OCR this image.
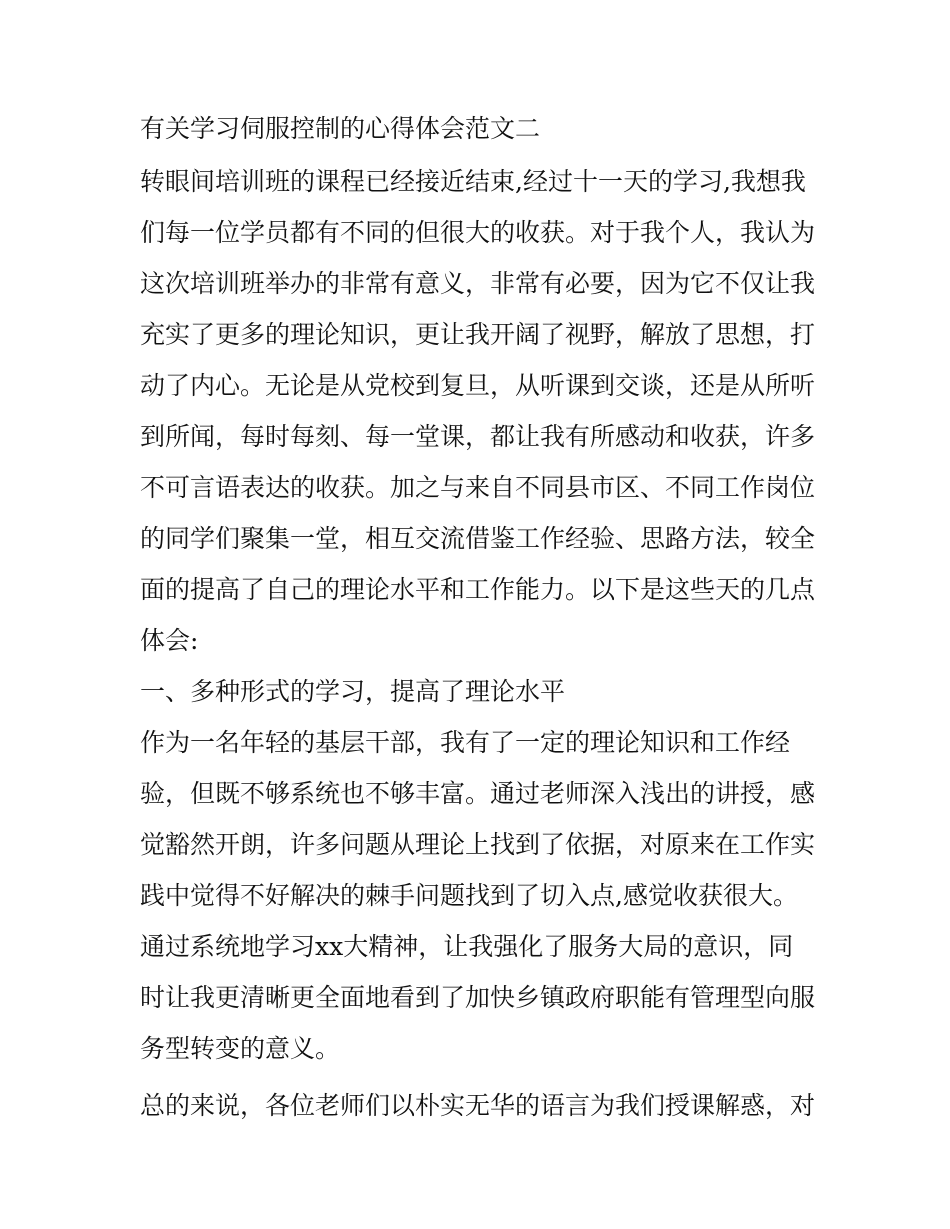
有关学习伺服控制的心得体会范文二
转眼间培训班的课程已经接近结束,经过十一天的学习,我想我
们每一位学员都有不同的但很大的收获。对于我个人，我认为
这次培训班举办的非常有意义，非常有必要，因为它不仅让我
充实了更多的理论知识，更让我开阔了视野，解放了思想，打
动了内心。无论是从党校到复旦，从听课到交谈，还是从所听
到所闻，每时每刻、每一堂课，都让我有所感动和收获，许多
不可言语表达的收获。加之与来自不同县市区、不同工作岗位
的同学们聚集一堂，相互交流借鉴工作经验、思路方法，较全
面的提高了自己的理论水平和工作能力。以下是这些天的几点
体会:
一、多种形式的学习，提高了理论水平
作为一名年轻的基层干部，我有了一定的理论知识和工作经
验，但既不够系统也不够丰富。通过老师深入浅出的讲授，感
觉豁然开朗，许多问题从理论上找到了依据，对原来在工作实
践中觉得不好解决的棘手问题找到了切入点,感觉收获很大。
通过系统地学习xx大精神，让我强化了服务大局的意识，同
时让我更清晰更全面地看到了加快乡镇政府职能有管理型向服
务型转变的意义。
总的来说，各位老师们以朴实无华的语言为我们授课解惑，对
